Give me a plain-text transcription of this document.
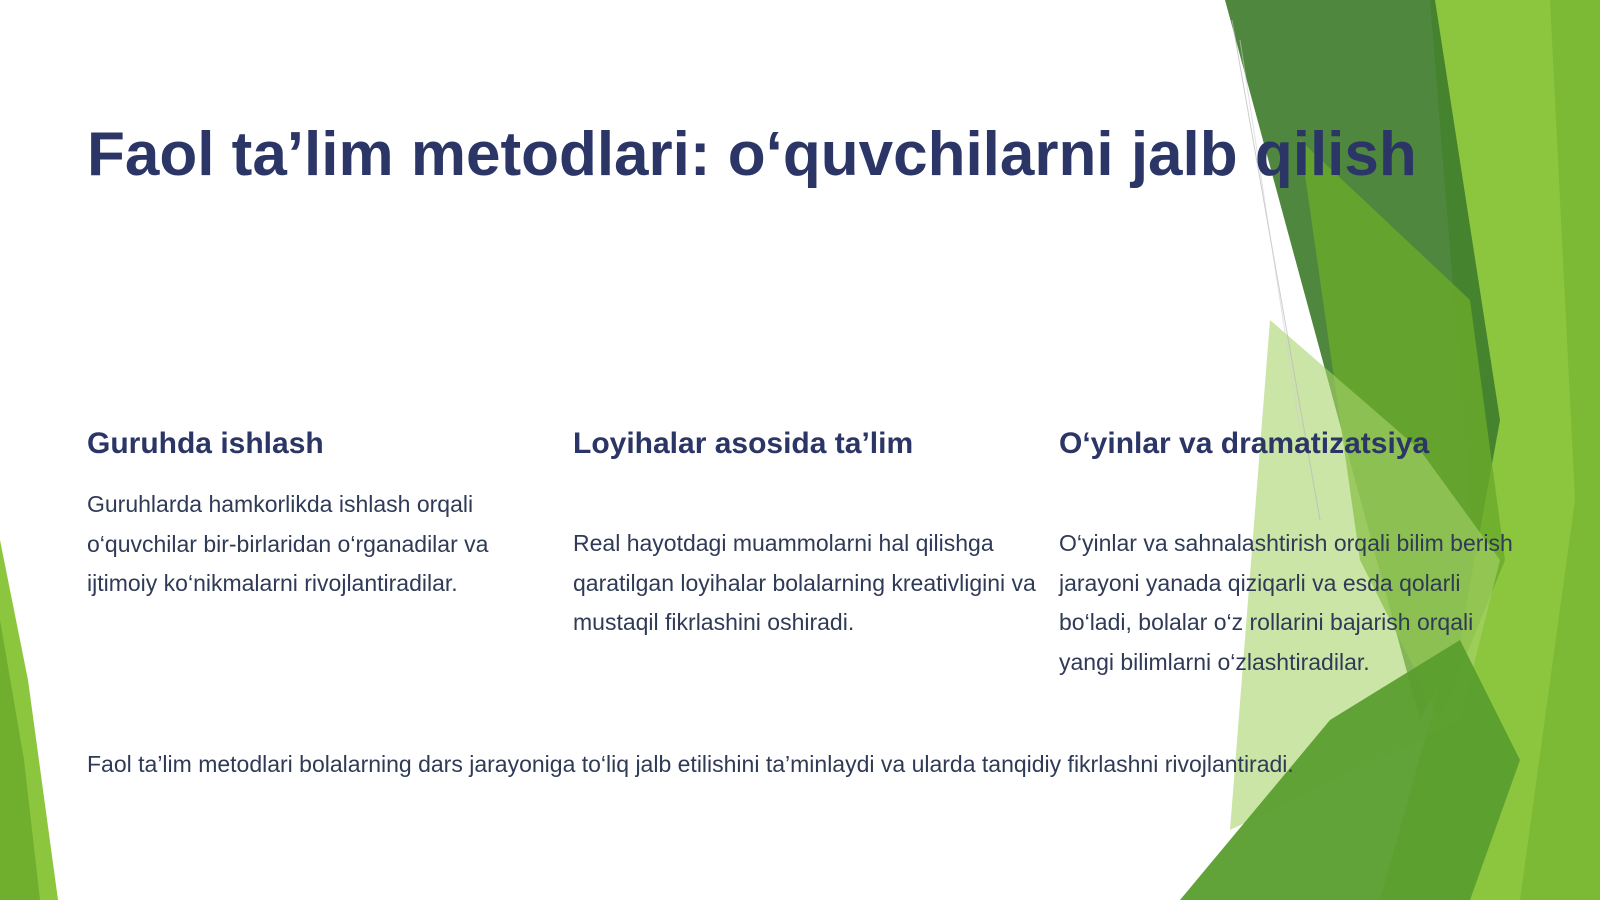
Faol ta’lim metodlari: o‘quvchilarni jalb qilish
Guruhda ishlash

Guruhlarda hamkorlikda ishlash orqali o‘quvchilar bir-birlaridan o‘rganadilar va ijtimoiy ko‘nikmalarni rivojlantiradilar.

Loyihalar asosida ta’lim

Real hayotdagi muammolarni hal qilishga qaratilgan loyihalar bolalarning kreativligini va mustaqil fikrlashini oshiradi.

O‘yinlar va dramatizatsiya

O‘yinlar va sahnalashtirish orqali bilim berish jarayoni yanada qiziqarli va esda qolarli bo‘ladi, bolalar o‘z rollarini bajarish orqali yangi bilimlarni o‘zlashtiradilar.

Faol ta’lim metodlari bolalarning dars jarayoniga to‘liq jalb etilishini ta’minlaydi va ularda tanqidiy fikrlashni rivojlantiradi.
